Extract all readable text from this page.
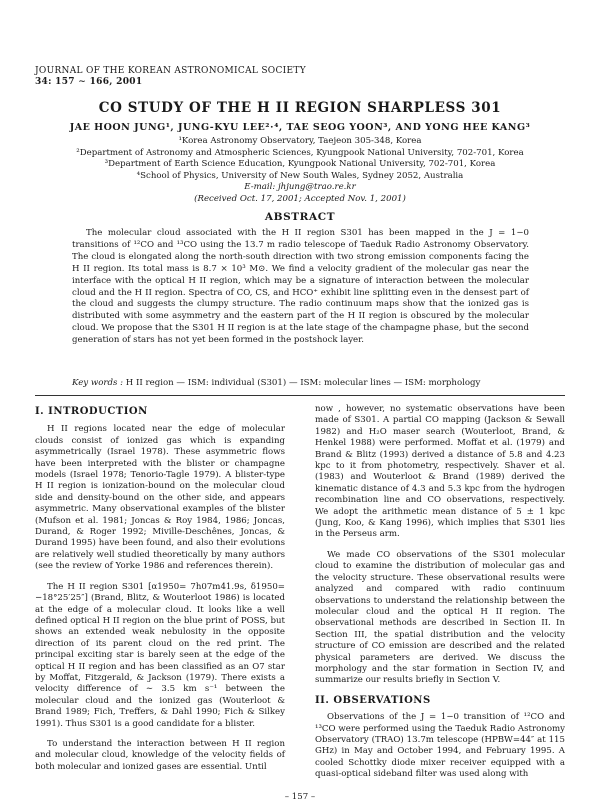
JOURNAL OF THE KOREAN ASTRONOMICAL SOCIETY
34: 157 ∼ 166, 2001
CO STUDY OF THE H II REGION SHARPLESS 301
JAE HOON JUNG¹, JUNG-KYU LEE²⋅⁴, TAE SEOG YOON³, AND YONG HEE KANG³
¹Korea Astronomy Observatory, Taejeon 305-348, Korea
²Department of Astronomy and Atmospheric Sciences, Kyungpook National University, 702-701, Korea
³Department of Earth Science Education, Kyungpook National University, 702-701, Korea
⁴School of Physics, University of New South Wales, Sydney 2052, Australia
E-mail: jhjung@trao.re.kr
(Received Oct. 17, 2001; Accepted Nov. 1, 2001)
ABSTRACT

The molecular cloud associated with the H II region S301 has been mapped in the J = 1−0 transitions of ¹²CO and ¹³CO using the 13.7 m radio telescope of Taeduk Radio Astronomy Observatory. The cloud is elongated along the north-south direction with two strong emission components facing the H II region. Its total mass is 8.7 × 10³ M⊙. We find a velocity gradient of the molecular gas near the interface with the optical H II region, which may be a signature of interaction between the molecular cloud and the H II region. Spectra of CO, CS, and HCO⁺ exhibit line splitting even in the densest part of the cloud and suggests the clumpy structure. The radio continuum maps show that the ionized gas is distributed with some asymmetry and the eastern part of the H II region is obscured by the molecular cloud. We propose that the S301 H II region is at the late stage of the champagne phase, but the second generation of stars has not yet been formed in the postshock layer.

Key words : H II region — ISM: individual (S301) — ISM: molecular lines — ISM: morphology
I. INTRODUCTION

H II regions located near the edge of molecular clouds consist of ionized gas which is expanding asymmetrically (Israel 1978). These asymmetric flows have been interpreted with the blister or champagne models (Israel 1978; Tenorio-Tagle 1979). A blister-type H II region is ionization-bound on the molecular cloud side and density-bound on the other side, and appears asymmetric. Many observational examples of the blister (Mufson et al. 1981; Joncas & Roy 1984, 1986; Joncas, Durand, & Roger 1992; Miville-Deschênes, Joncas, & Durand 1995) have been found, and also their evolutions are relatively well studied theoretically by many authors (see the review of Yorke 1986 and references therein).

The H II region S301 [α1950= 7h07m41.9s, δ1950= −18°25′25″] (Brand, Blitz, & Wouterloot 1986) is located at the edge of a molecular cloud. It looks like a well defined optical H II region on the blue print of POSS, but shows an extended weak nebulosity in the opposite direction of its parent cloud on the red print. The principal exciting star is barely seen at the edge of the optical H II region and has been classified as an O7 star by Moffat, Fitzgerald, & Jackson (1979). There exists a velocity difference of ∼ 3.5 km s⁻¹ between the molecular cloud and the ionized gas (Wouterloot & Brand 1989; Fich, Treffers, & Dahl 1990; Fich & Silkey 1991). Thus S301 is a good candidate for a blister.

To understand the interaction between H II region and molecular cloud, knowledge of the velocity fields of both molecular and ionized gases are essential. Until

now , however, no systematic observations have been made of S301. A partial CO mapping (Jackson & Sewall 1982) and H₂O maser search (Wouterloot, Brand, & Henkel 1988) were performed. Moffat et al. (1979) and Brand & Blitz (1993) derived a distance of 5.8 and 4.23 kpc to it from photometry, respectively. Shaver et al. (1983) and Wouterloot & Brand (1989) derived the kinematic distance of 4.3 and 5.3 kpc from the hydrogen recombination line and CO observations, respectively. We adopt the arithmetic mean distance of 5 ± 1 kpc (Jung, Koo, & Kang 1996), which implies that S301 lies in the Perseus arm.

We made CO observations of the S301 molecular cloud to examine the distribution of molecular gas and the velocity structure. These observational results were analyzed and compared with radio continuum observations to understand the relationship between the molecular cloud and the optical H II region. The observational methods are described in Section II. In Section III, the spatial distribution and the velocity structure of CO emission are described and the related physical parameters are derived. We discuss the morphology and the star formation in Section IV, and summarize our results briefly in Section V.

II. OBSERVATIONS

Observations of the J = 1−0 transition of ¹²CO and ¹³CO were performed using the Taeduk Radio Astronomy Observatory (TRAO) 13.7m telescope (HPBW=44″ at 115 GHz) in May and October 1994, and February 1995. A cooled Schottky diode mixer receiver equipped with a quasi-optical sideband filter was used along with

– 157 –
